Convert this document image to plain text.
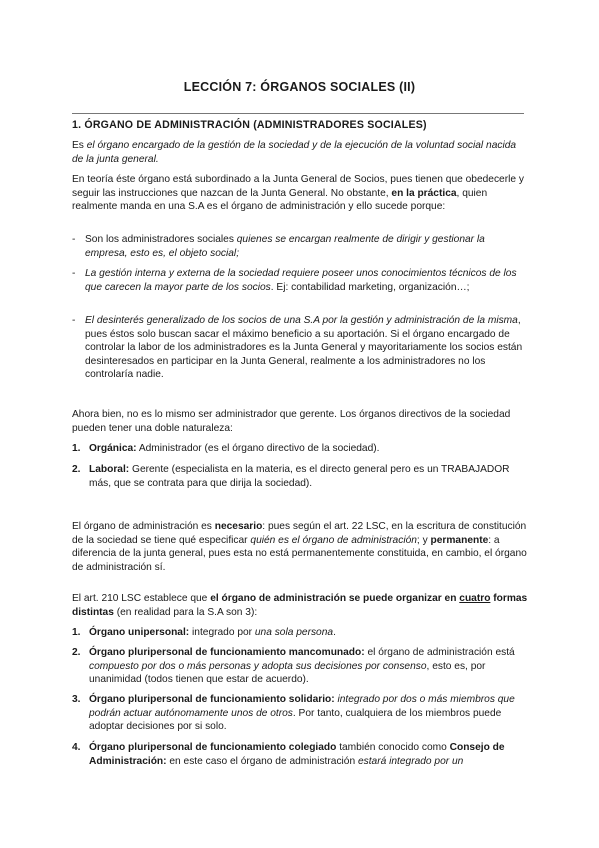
LECCIÓN 7: ÓRGANOS SOCIALES (II)
1. ÓRGANO DE ADMINISTRACIÓN (ADMINISTRADORES SOCIALES)

Es el órgano encargado de la gestión de la sociedad y de la ejecución de la voluntad social nacida de la junta general.

En teoría éste órgano está subordinado a la Junta General de Socios, pues tienen que obedecerle y seguir las instrucciones que nazcan de la Junta General. No obstante, en la práctica, quien realmente manda en una S.A es el órgano de administración y ello sucede porque:

- Son los administradores sociales quienes se encargan realmente de dirigir y gestionar la empresa, esto es, el objeto social;
- La gestión interna y externa de la sociedad requiere poseer unos conocimientos técnicos de los que carecen la mayor parte de los socios. Ej: contabilidad marketing, organización…;
- El desinterés generalizado de los socios de una S.A por la gestión y administración de la misma, pues éstos solo buscan sacar el máximo beneficio a su aportación. Si el órgano encargado de controlar la labor de los administradores es la Junta General y mayoritariamente los socios están desinteresados en participar en la Junta General, realmente a los administradores no los controlaría nadie.

Ahora bien, no es lo mismo ser administrador que gerente. Los órganos directivos de la sociedad pueden tener una doble naturaleza:

1. Orgánica: Administrador (es el órgano directivo de la sociedad).
2. Laboral: Gerente (especialista en la materia, es el directo general pero es un TRABAJADOR más, que se contrata para que dirija la sociedad).

El órgano de administración es necesario: pues según el art. 22 LSC, en la escritura de constitución de la sociedad se tiene qué especificar quién es el órgano de administración; y permanente: a diferencia de la junta general, pues esta no está permanentemente constituida, en cambio, el órgano de administración sí.

El art. 210 LSC establece que el órgano de administración se puede organizar en cuatro formas distintas (en realidad para la S.A son 3):

1. Órgano unipersonal: integrado por una sola persona.
2. Órgano pluripersonal de funcionamiento mancomunado: el órgano de administración está compuesto por dos o más personas y adopta sus decisiones por consenso, esto es, por unanimidad (todos tienen que estar de acuerdo).
3. Órgano pluripersonal de funcionamiento solidario: integrado por dos o más miembros que podrán actuar autónomamente unos de otros. Por tanto, cualquiera de los miembros puede adoptar decisiones por si solo.
4. Órgano pluripersonal de funcionamiento colegiado también conocido como Consejo de Administración: en este caso el órgano de administración estará integrado por un
